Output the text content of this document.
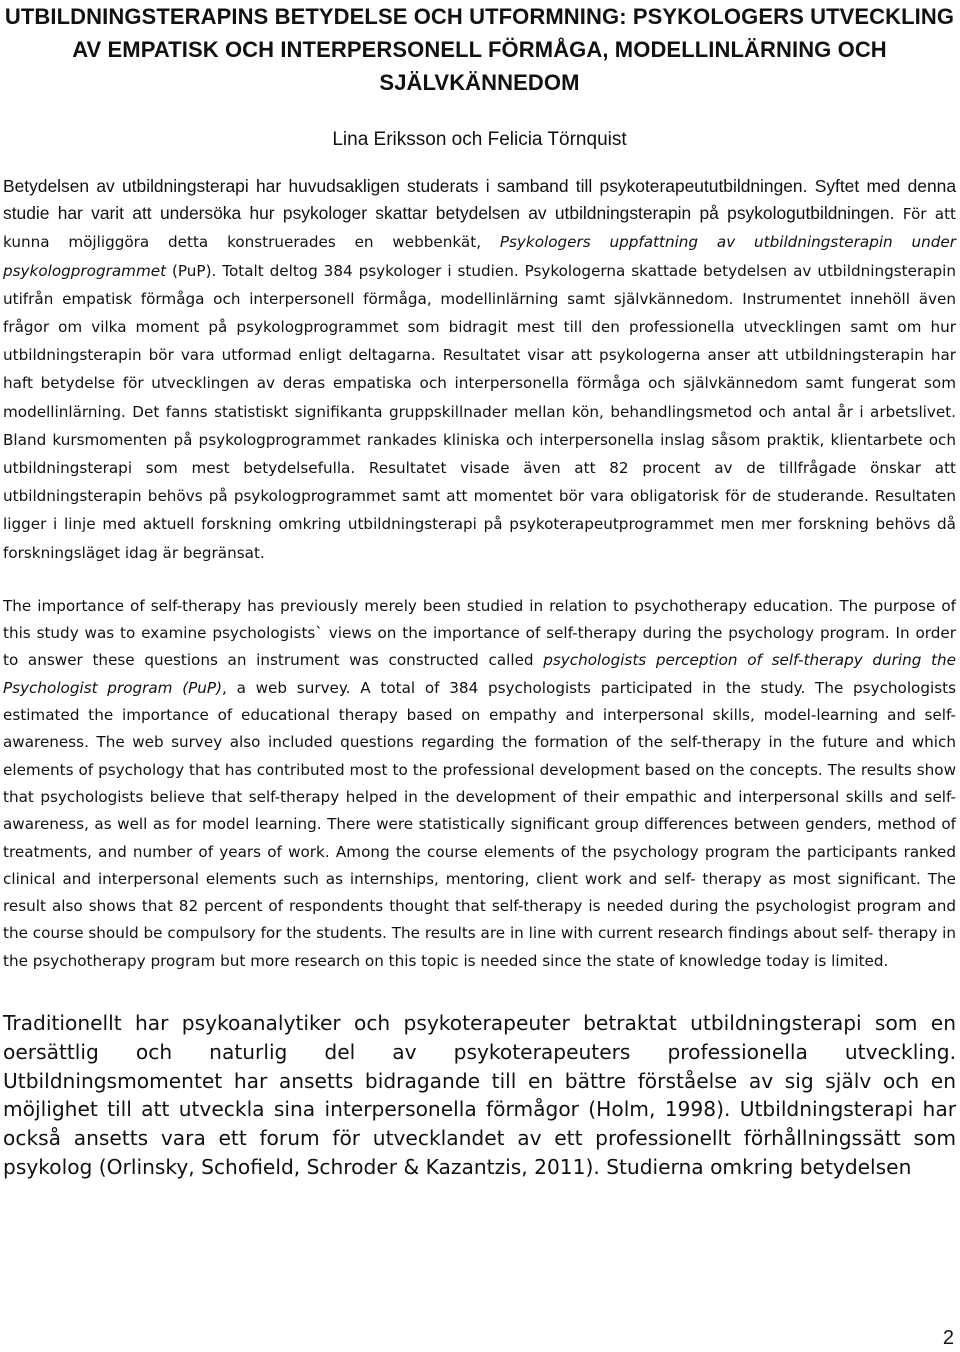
UTBILDNINGSTERAPINS BETYDELSE OCH UTFORMNING: PSYKOLOGERS UTVECKLING
AV EMPATISK OCH INTERPERSONELL FÖRMÅGA, MODELLINLÄRNING OCH
SJÄLVKÄNNEDOM

Lina Eriksson och Felicia Törnquist

Betydelsen av utbildningsterapi har huvudsakligen studerats i samband till psykoterapeututbildningen. Syftet med denna studie har varit att undersöka hur psykologer skattar betydelsen av utbildningsterapin på psykologutbildningen. För att kunna möjliggöra detta konstruerades en webbenkät, Psykologers uppfattning av utbildningsterapin under psykologprogrammet (PuP). Totalt deltog 384 psykologer i studien. Psykologerna skattade betydelsen av utbildningsterapin utifrån empatisk förmåga och interpersonell förmåga, modellinlärning samt självkännedom. Instrumentet innehöll även frågor om vilka moment på psykologprogrammet som bidragit mest till den professionella utvecklingen samt om hur utbildningsterapin bör vara utformad enligt deltagarna. Resultatet visar att psykologerna anser att utbildningsterapin har haft betydelse för utvecklingen av deras empatiska och interpersonella förmåga och självkännedom samt fungerat som modellinlärning. Det fanns statistiskt signifikanta gruppskillnader mellan kön, behandlingsmetod och antal år i arbetslivet. Bland kursmomenten på psykologprogrammet rankades kliniska och interpersonella inslag såsom praktik, klientarbete och utbildningsterapi som mest betydelsefulla. Resultatet visade även att 82 procent av de tillfrågade önskar att utbildningsterapin behövs på psykologprogrammet samt att momentet bör vara obligatorisk för de studerande. Resultaten ligger i linje med aktuell forskning omkring utbildningsterapi på psykoterapeutprogrammet men mer forskning behövs då forskningsläget idag är begränsat.

The importance of self-therapy has previously merely been studied in relation to psychotherapy education. The purpose of this study was to examine psychologists` views on the importance of self-therapy during the psychology program. In order to answer these questions an instrument was constructed called psychologists perception of self-therapy during the Psychologist program (PuP), a web survey. A total of 384 psychologists participated in the study. The psychologists estimated the importance of educational therapy based on empathy and interpersonal skills, model-learning and self-awareness. The web survey also included questions regarding the formation of the self-therapy in the future and which elements of psychology that has contributed most to the professional development based on the concepts. The results show that psychologists believe that self-therapy helped in the development of their empathic and interpersonal skills and self-awareness, as well as for model learning. There were statistically significant group differences between genders, method of treatments, and number of years of work. Among the course elements of the psychology program the participants ranked clinical and interpersonal elements such as internships, mentoring, client work and self- therapy as most significant. The result also shows that 82 percent of respondents thought that self-therapy is needed during the psychologist program and the course should be compulsory for the students. The results are in line with current research findings about self- therapy in the psychotherapy program but more research on this topic is needed since the state of knowledge today is limited.

Traditionellt har psykoanalytiker och psykoterapeuter betraktat utbildningsterapi som en oersättlig och naturlig del av psykoterapeuters professionella utveckling. Utbildningsmomentet har ansetts bidragande till en bättre förståelse av sig själv och en möjlighet till att utveckla sina interpersonella förmågor (Holm, 1998). Utbildningsterapi har också ansetts vara ett forum för utvecklandet av ett professionellt förhållningssätt som psykolog (Orlinsky, Schofield, Schroder & Kazantzis, 2011). Studierna omkring betydelsen

2
